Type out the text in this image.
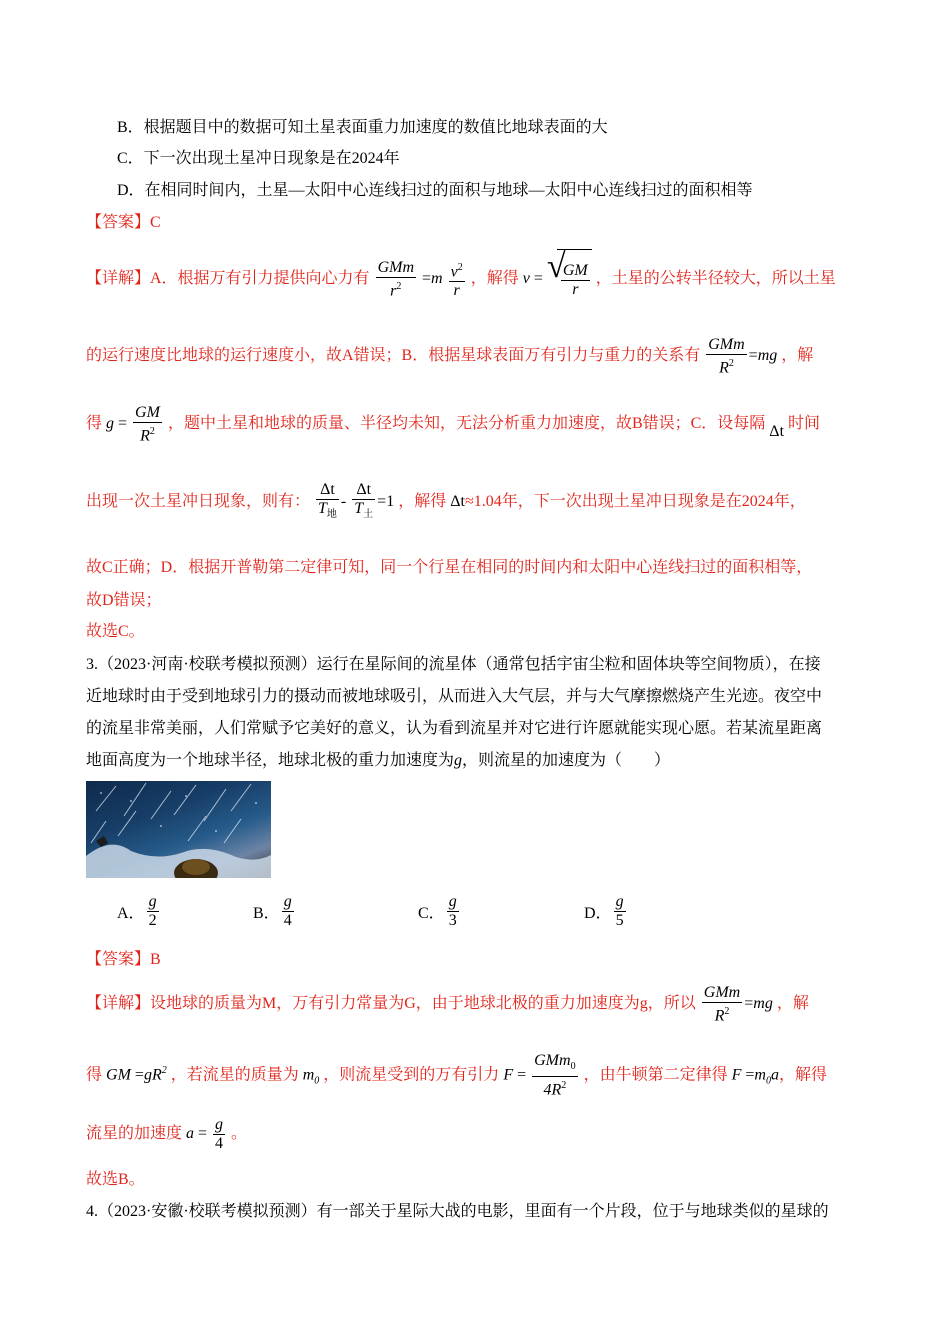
B．根据题目中的数据可知土星表面重力加速度的数值比地球表面的大
C．下一次出现土星冲日现象是在2024年
D．在相同时间内，土星—太阳中心连线扫过的面积与地球—太阳中心连线扫过的面积相等
【答案】C
【详解】A．根据万有引力提供向心力有 $\frac{\text{GMm}}{r^2} =m \frac{v^2}{r}$ ，解得 v = √
$\frac{GM}{r}$ ，土星的公转半径较大，所以土星
的运行速度比地球的运行速度小，故A错误；B．根据星球表面万有引力与重力的关系有 $\frac{\text{GMm}}{R^2} =mg$ ，解
得 $g = \frac{GM}{R^2}$ ，题中土星和地球的质量、半径均未知，无法分析重力加速度，故B错误；C．设每隔 Δt 时间
出现一次土星冲日现象，则有： $\frac{\Delta t}{T_地} - \frac{\Delta t}{T_土} =1$ ，解得 Δt≈1.04年，下一次出现土星冲日现象是在2024年，
故C正确；D．根据开普勒第二定律可知，同一个行星在相同的时间内和太阳中心连线扫过的面积相等，
故D错误；
故选C。
3.（2023·河南·校联考模拟预测）运行在星际间的流星体（通常包括宇宙尘粒和固体块等空间物质），在接
近地球时由于受到地球引力的摄动而被地球吸引，从而进入大气层，并与大气摩擦燃烧产生光迹。夜空中
的流星非常美丽，人们常赋予它美好的意义，认为看到流星并对它进行许愿就能实现心愿。若某流星距离
地面高度为一个地球半径，地球北极的重力加速度为g，则流星的加速度为（　　）
A． $\frac{g}{2}$	B． $\frac{g}{4}$	C． $\frac{g}{3}$	D． $\frac{g}{5}$
【答案】B
【详解】设地球的质量为M，万有引力常量为G，由于地球北极的重力加速度为g，所以 $\frac{\text{GMm}}{R^2} =mg$ ，解
得 GM $=gR^2$ ，若流星的质量为 $m_0$ ，则流星受到的万有引力 $F = \frac{GMm_0}{4R^2}$ ，由牛顿第二定律得 $F =m_0a$，解得
流星的加速度 $a = \frac{g}{4}$ 。
故选B。
4.（2023·安徽·校联考模拟预测）有一部关于星际大战的电影，里面有一个片段，位于与地球类似的星球的
